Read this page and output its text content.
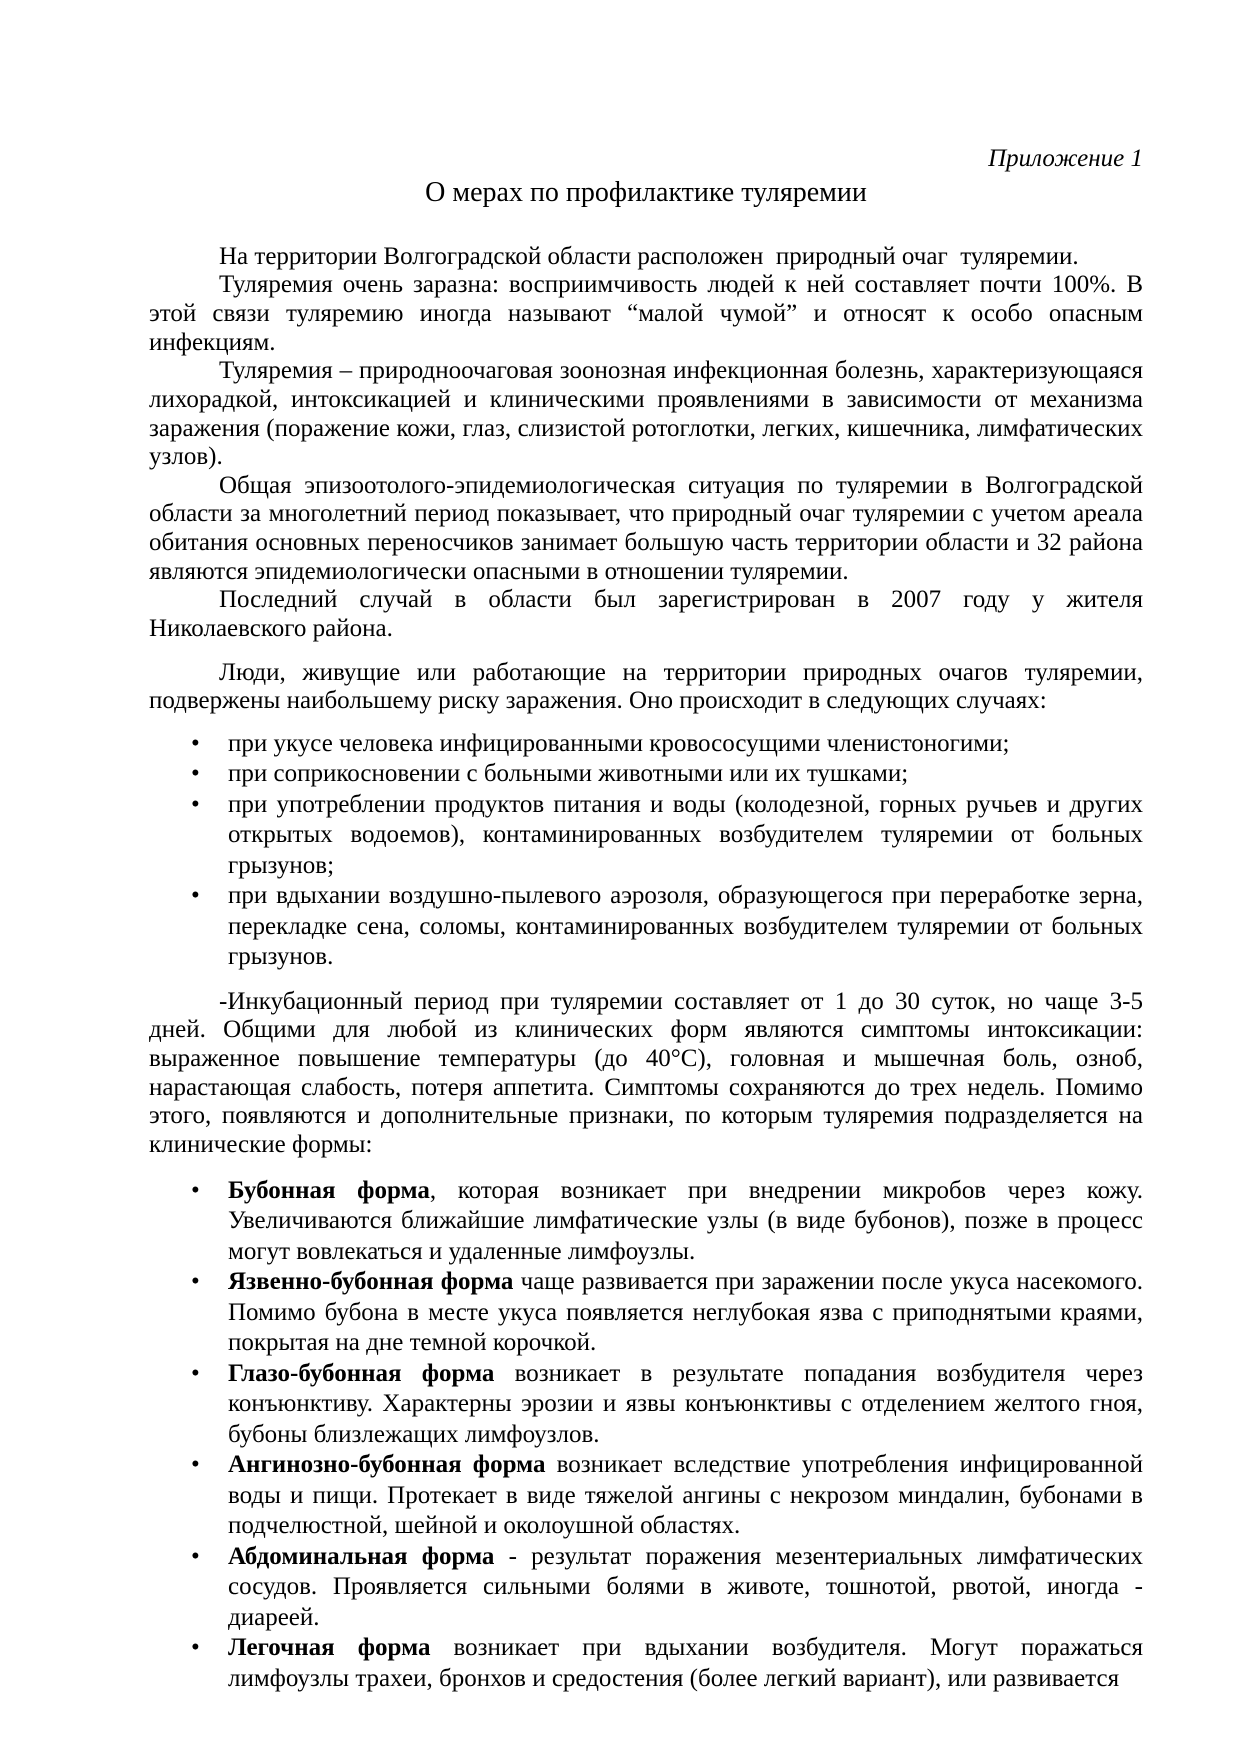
Приложение 1
О мерах по профилактике туляремии

На территории Волгоградской области расположен  природный очаг  туляремии.

Туляремия очень заразна: восприимчивость людей к ней составляет почти 100%. В этой связи туляремию иногда называют “малой чумой” и относят к особо опасным инфекциям.

Туляремия – природноочаговая зоонозная инфекционная болезнь, характеризующаяся лихорадкой, интоксикацией и клиническими проявлениями в зависимости от механизма заражения (поражение кожи, глаз, слизистой ротоглотки, легких, кишечника, лимфатических узлов).

Общая эпизоотолого-эпидемиологическая ситуация по туляремии в Волгоградской области за многолетний период показывает, что природный очаг туляремии с учетом ареала обитания основных переносчиков занимает большую часть территории области и 32 района являются эпидемиологически опасными в отношении туляремии.

Последний случай в области был зарегистрирован в 2007 году у жителя Николаевского района.

Люди, живущие или работающие на территории природных очагов туляремии, подвержены наибольшему риску заражения. Оно происходит в следующих случаях:

• при укусе человека инфицированными кровососущими членистоногими;
• при соприкосновении с больными животными или их тушками;
• при употреблении продуктов питания и воды (колодезной, горных ручьев и других открытых водоемов), контаминированных возбудителем туляремии от больных грызунов;
• при вдыхании воздушно-пылевого аэрозоля, образующегося при переработке зерна, перекладке сена, соломы, контаминированных возбудителем туляремии от больных грызунов.

-Инкубационный период при туляремии составляет от 1 до 30 суток, но чаще 3-5 дней. Общими для любой из клинических форм являются симптомы интоксикации: выраженное повышение температуры (до 40°С), головная и мышечная боль, озноб, нарастающая слабость, потеря аппетита. Симптомы сохраняются до трех недель. Помимо этого, появляются и дополнительные признаки, по которым туляремия подразделяется на клинические формы:

• Бубонная форма, которая возникает при внедрении микробов через кожу. Увеличиваются ближайшие лимфатические узлы (в виде бубонов), позже в процесс могут вовлекаться и удаленные лимфоузлы.
• Язвенно-бубонная форма чаще развивается при заражении после укуса насекомого. Помимо бубона в месте укуса появляется неглубокая язва с приподнятыми краями, покрытая на дне темной корочкой.
• Глазо-бубонная форма возникает в результате попадания возбудителя через конъюнктиву. Характерны эрозии и язвы конъюнктивы с отделением желтого гноя, бубоны близлежащих лимфоузлов.
• Ангинозно-бубонная форма возникает вследствие употребления инфицированной воды и пищи. Протекает в виде тяжелой ангины с некрозом миндалин, бубонами в подчелюстной, шейной и околоушной областях.
• Абдоминальная форма - результат поражения мезентериальных лимфатических сосудов. Проявляется сильными болями в животе, тошнотой, рвотой, иногда - диареей.
• Легочная форма возникает при вдыхании возбудителя. Могут поражаться лимфоузлы трахеи, бронхов и средостения (более легкий вариант), или развивается
